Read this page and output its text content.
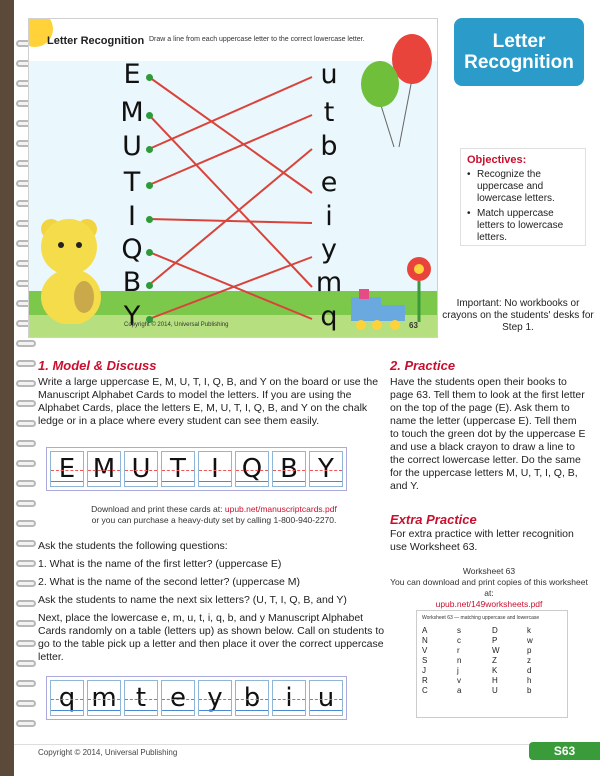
Letter Recognition Draw a line from each uppercase letter to the correct lowercase letter.
E
M
U
T
I
Q
B
Y
u
t
b
e
i
y
m
q
Copyright © 2014, Universal Publishing	63
Letter
Recognition
Objectives:
• Recognize the uppercase and lowercase letters.
• Match uppercase letters to lowercase letters.
Important: No workbooks or crayons on the students' desks for Step 1.
1. Model & Discuss
Write a large uppercase E, M, U, T, I, Q, B, and Y on the board or use the Manuscript Alphabet Cards to model the letters. If you are using the Alphabet Cards, place the letters E, M, U, T, I, Q, B, and Y on the chalk ledge or in a place where every student can see them easily.
E M U T I Q B Y
Download and print these cards at: upub.net/manuscriptcards.pdf
or you can purchase a heavy-duty set by calling 1-800-940-2270.
Ask the students the following questions:
1. What is the name of the first letter? (uppercase E)
2. What is the name of the second letter? (uppercase M)
Ask the students to name the next six letters? (U, T, I, Q, B, and Y)
Next, place the lowercase e, m, u, t, i, q, b, and y Manuscript Alphabet Cards randomly on a table (letters up) as shown below. Call on students to go to the table pick up a letter and then place it over the correct uppercase letter.
q m t e y b i u
2. Practice
Have the students open their books to page 63. Tell them to look at the first letter on the top of the page (E). Ask them to name the letter (uppercase E). Tell them to touch the green dot by the uppercase E and use a black crayon to draw a line to the correct lowercase letter. Do the same for the uppercase letters M, U, T, I, Q, B, and Y.
Extra Practice
For extra practice with letter recognition use Worksheet 63.
Worksheet 63
You can download and print copies of this worksheet at:
upub.net/149worksheets.pdf
Worksheet 63 — matching uppercase and lowercase
A	s	D	k
N	c	P	w
V	r	W	p
S	n	Z	z
J	j	K	d
R	v	H	h
C	a	U	b
Copyright © 2014, Universal Publishing	S63
